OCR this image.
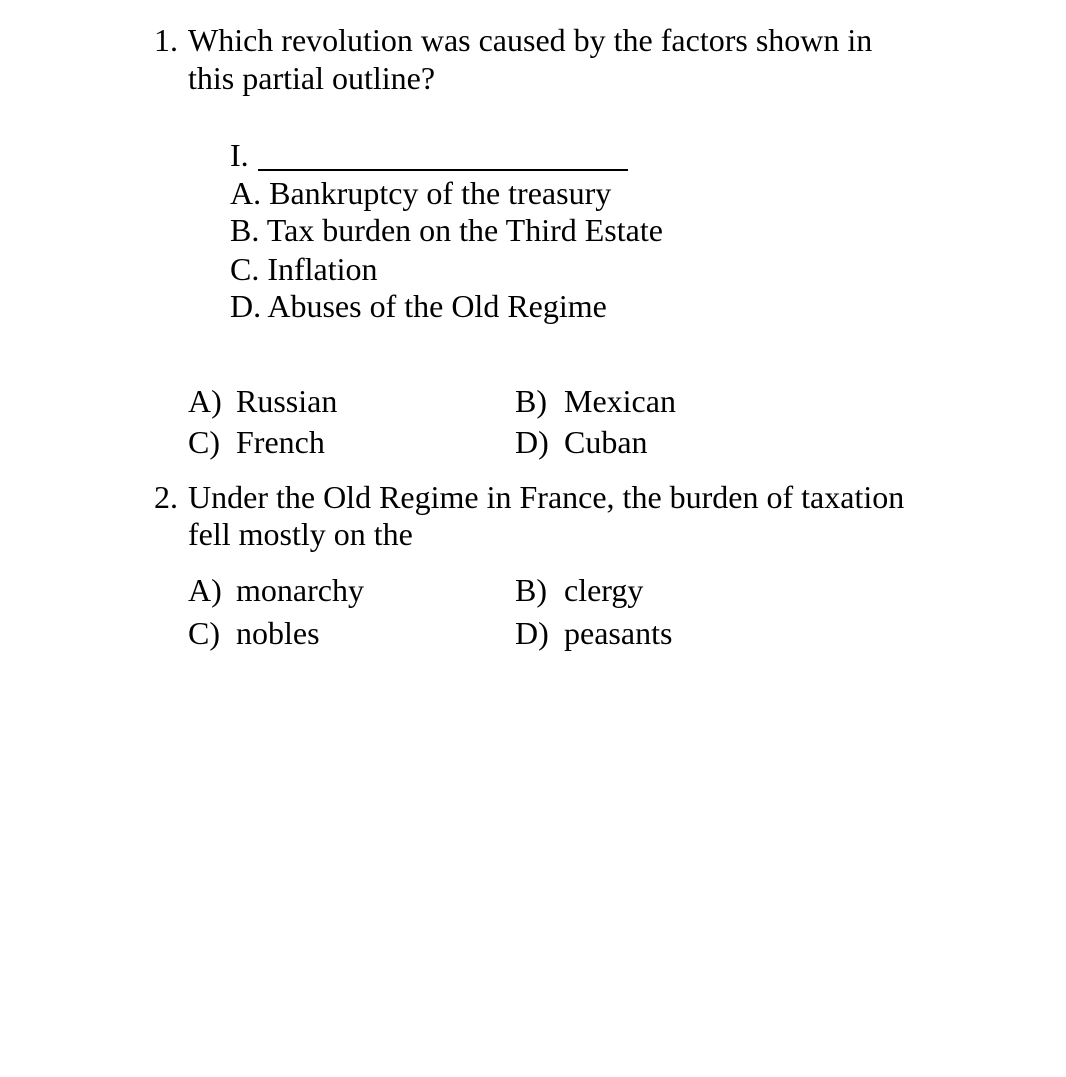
1. Which revolution was caused by the factors shown in
this partial outline?
I.
A. Bankruptcy of the treasury
B. Tax burden on the Third Estate
C. Inflation
D. Abuses of the Old Regime
A) Russian	B) Mexican
C) French	D) Cuban
2. Under the Old Regime in France, the burden of taxation
fell mostly on the
A) monarchy	B) clergy
C) nobles	D) peasants
